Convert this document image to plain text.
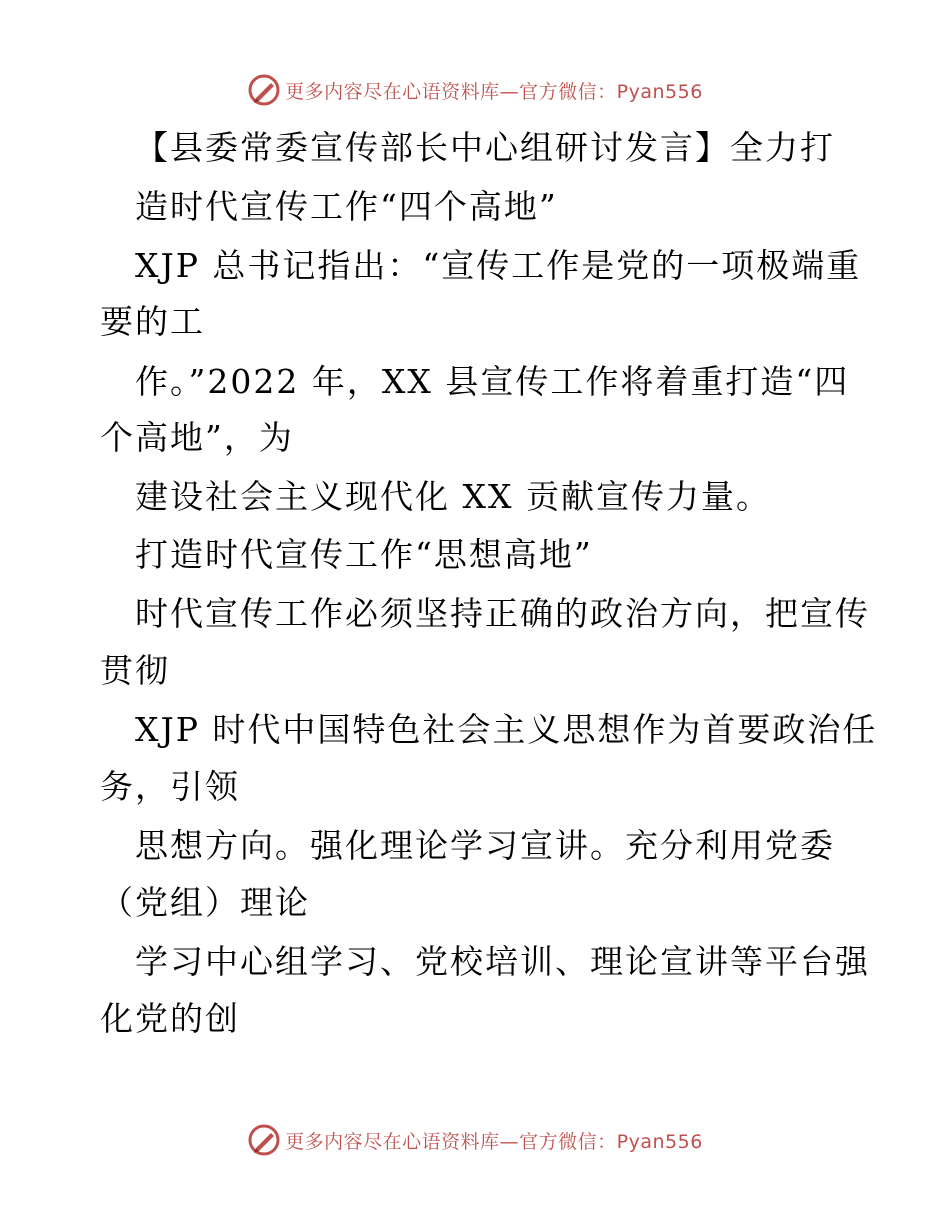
更多内容尽在心语资料库—官方微信：Pyan556
【县委常委宣传部长中心组研讨发言】全力打
造时代宣传工作“四个高地”
XJP 总书记指出：“宣传工作是党的一项极端重
要的工
作。”2022 年，XX 县宣传工作将着重打造“四
个高地”，为
建设社会主义现代化 XX 贡献宣传力量。
打造时代宣传工作“思想高地”
时代宣传工作必须坚持正确的政治方向，把宣传
贯彻
XJP 时代中国特色社会主义思想作为首要政治任
务，引领
思想方向。强化理论学习宣讲。充分利用党委
（党组）理论
学习中心组学习、党校培训、理论宣讲等平台强
化党的创
更多内容尽在心语资料库—官方微信：Pyan556
